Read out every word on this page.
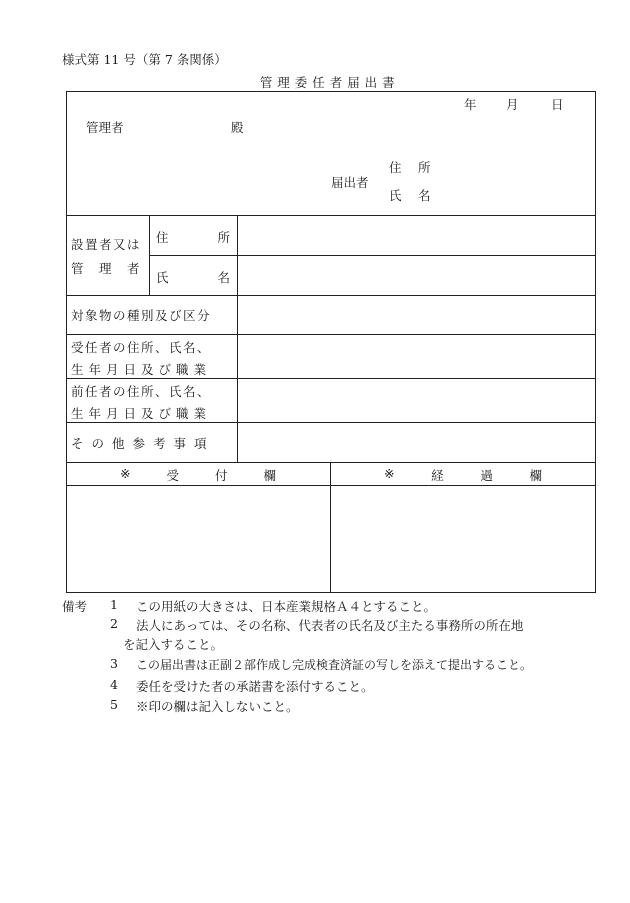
様式第 11 号（第 7 条関係）
管 理 委 任 者 届 出 書
年 月	日
管理者	殿
届出者
住　所
氏　名
設置者又は
管　理　者
住	所
氏	名
対象物の種別及び区分
受任者の住所、氏名、
生年月日及び職業
前任者の住所、氏名、
生年月日及び職業
その他参考事項
※	受	付	欄	※	経	過	欄
備考 1 この用紙の大きさは、日本産業規格Ａ４とすること。
2 法人にあっては、その名称、代表者の氏名及び主たる事務所の所在地
を記入すること。
3 この届出書は正副２部作成し完成検査済証の写しを添えて提出すること。
4 委任を受けた者の承諾書を添付すること。
5 ※印の欄は記入しないこと。
